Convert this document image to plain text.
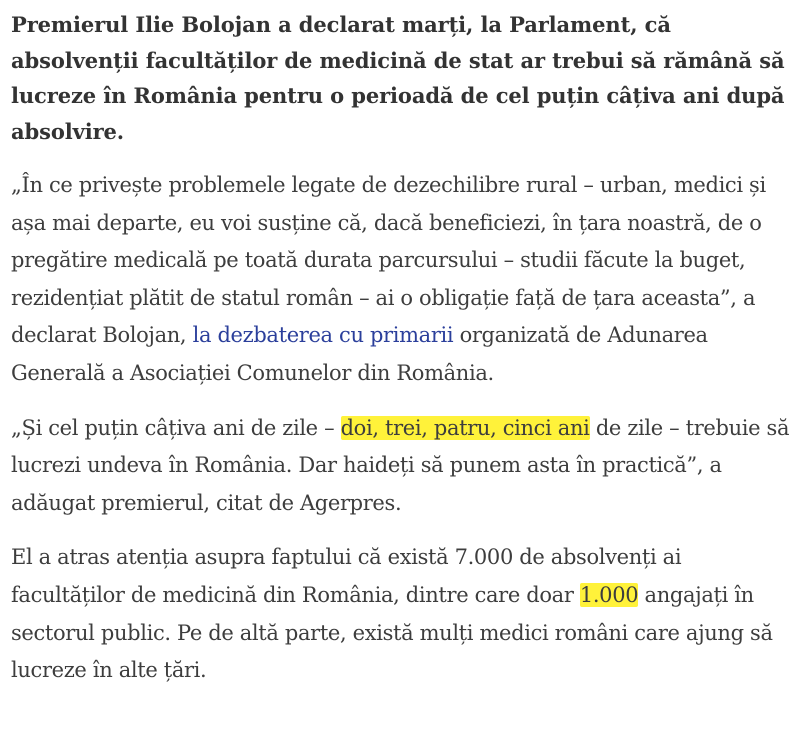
Premierul Ilie Bolojan a declarat marți, la Parlament, că absolvenții facultăților de medicină de stat ar trebui să rămână să lucreze în România pentru o perioadă de cel puțin câțiva ani după absolvire.

„În ce privește problemele legate de dezechilibre rural – urban, medici și așa mai departe, eu voi susține că, dacă beneficiezi, în țara noastră, de o pregătire medicală pe toată durata parcursului – studii făcute la buget, rezidențiat plătit de statul român – ai o obligație față de țara aceasta”, a declarat Bolojan, la dezbaterea cu primarii organizată de Adunarea Generală a Asociației Comunelor din România.

„Și cel puțin câțiva ani de zile – doi, trei, patru, cinci ani de zile – trebuie să lucrezi undeva în România. Dar haideți să punem asta în practică”, a adăugat premierul, citat de Agerpres.

El a atras atenția asupra faptului că există 7.000 de absolvenți ai facultăților de medicină din România, dintre care doar 1.000 angajați în sectorul public. Pe de altă parte, există mulți medici români care ajung să lucreze în alte țări.
